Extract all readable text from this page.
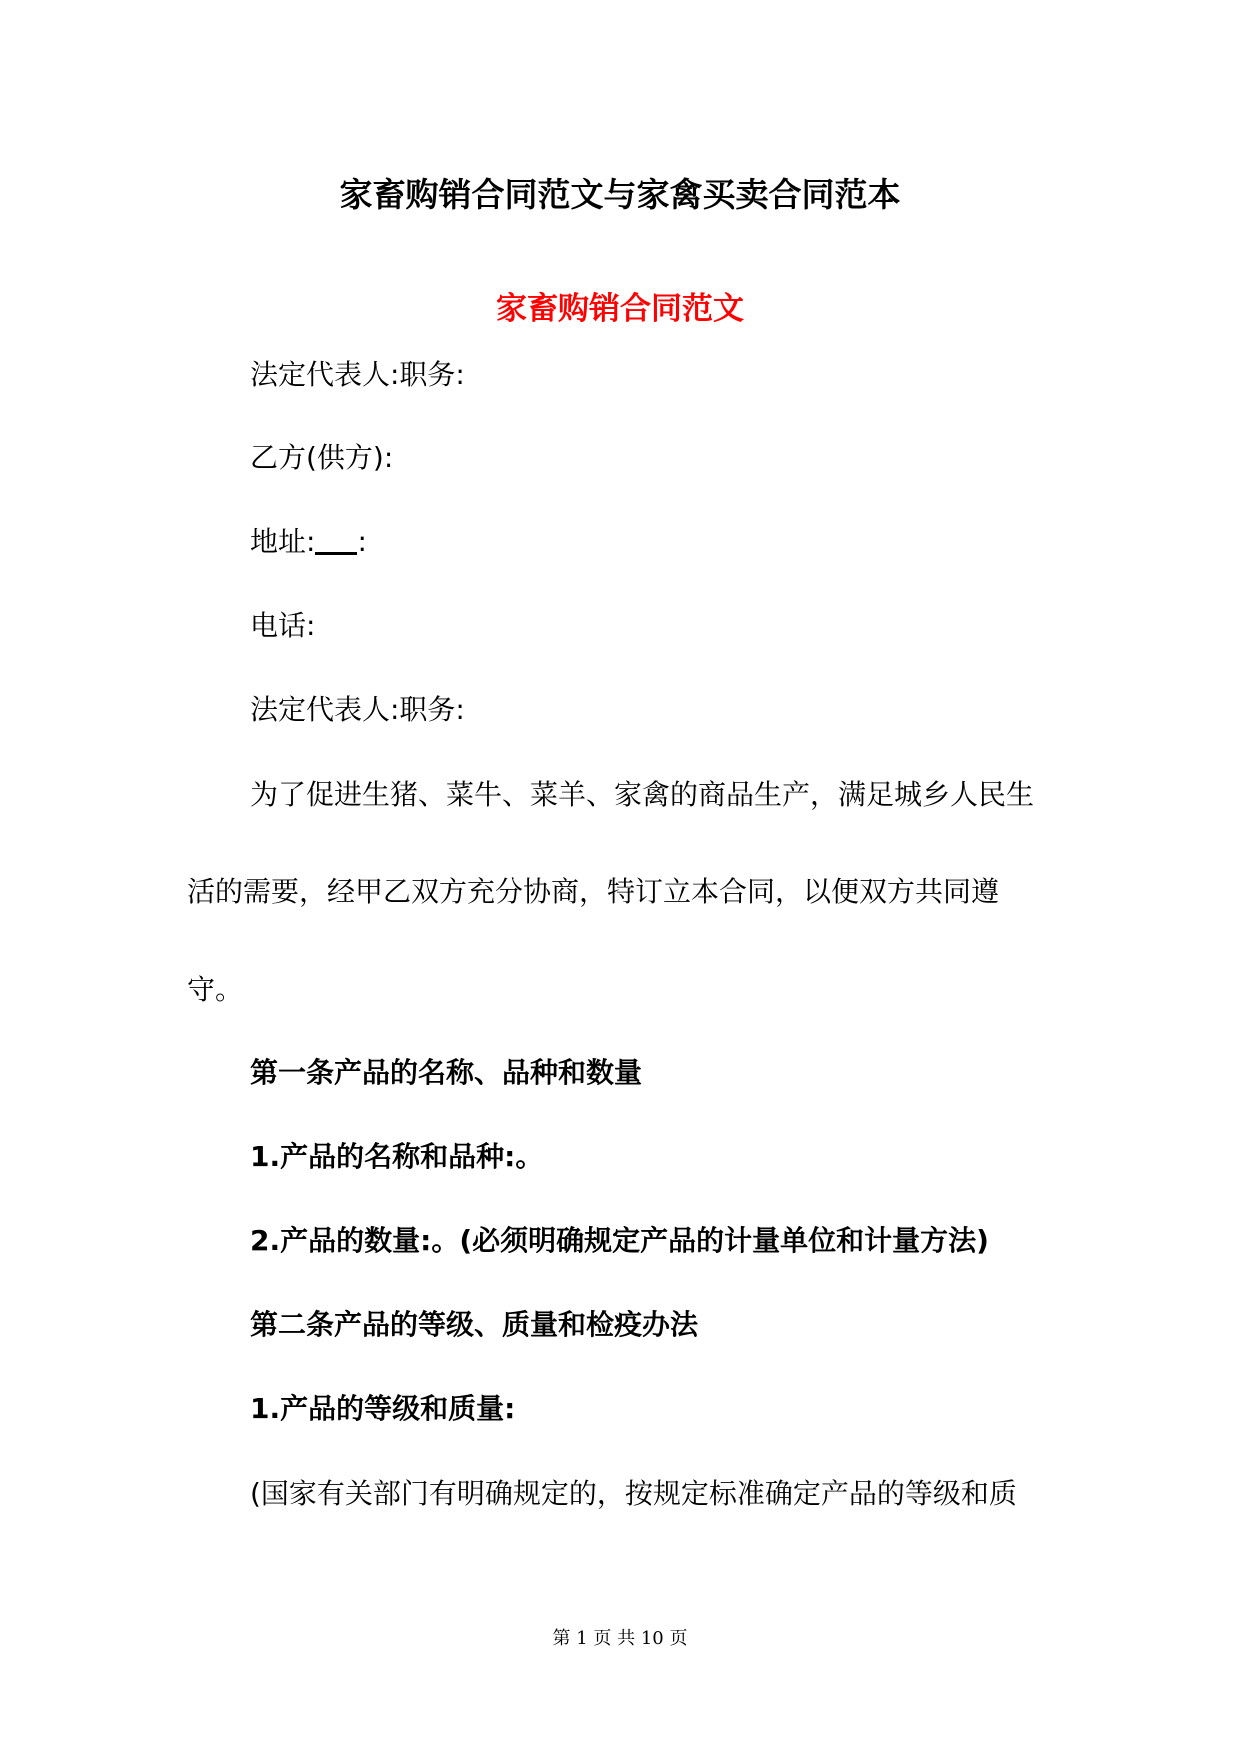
家畜购销合同范文与家禽买卖合同范本
家畜购销合同范文

法定代表人:职务:

乙方(供方):

地址: :

电话:

法定代表人:职务:

为了促进生猪、菜牛、菜羊、家禽的商品生产，满足城乡人民生

活的需要，经甲乙双方充分协商，特订立本合同，以便双方共同遵

守。

第一条产品的名称、品种和数量

1.产品的名称和品种:。

2.产品的数量:。(必须明确规定产品的计量单位和计量方法)

第二条产品的等级、质量和检疫办法

1.产品的等级和质量:

(国家有关部门有明确规定的，按规定标准确定产品的等级和质

第 1 页 共 10 页
